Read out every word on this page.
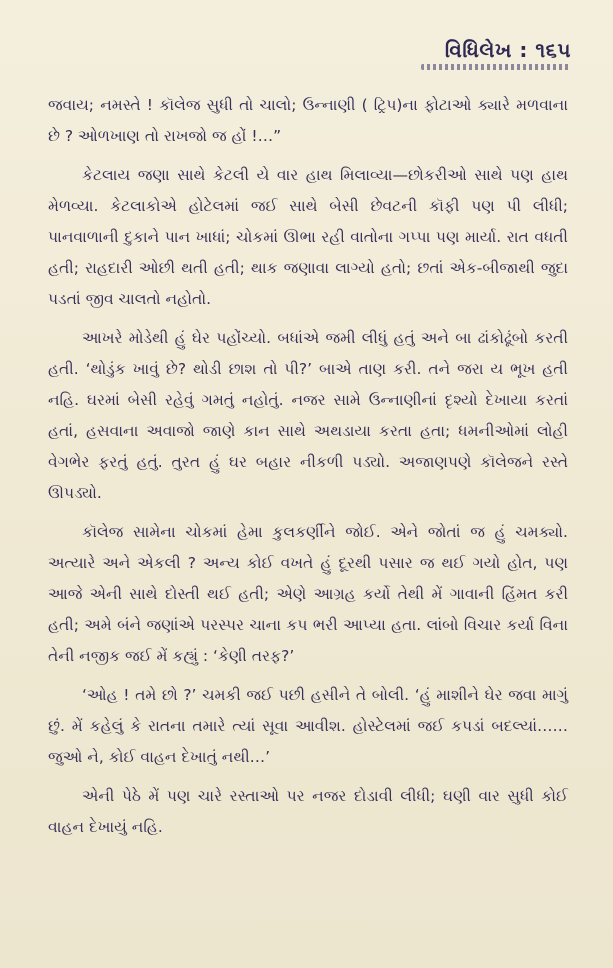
વિધિલેખ : ૧૬૫

જવાય; નમસ્તે ! કૉલેજ સુધી તો ચાલો; ઉન્નાણી ( ટ્રિપ)ના ફોટાઓ ક્યારે મળવાના છે ? ઓળખાણ તો રાખજો જ હોં !…”

કેટલાય જણા સાથે કેટલી યે વાર હાથ મિલાવ્યા—છોકરીઓ સાથે પણ હાથ મેળવ્યા. કેટલાકોએ હોટેલમાં જઈ સાથે બેસી છેવટની કૉફી પણ પી લીધી; પાનવાળાની દુકાને પાન ખાધાં; ચોકમાં ઊભા રહી વાતોના ગપ્પા પણ માર્યા. રાત વધતી હતી; રાહદારી ઓછી થતી હતી; થાક જણાવા લાગ્યો હતો; છતાં એક-બીજાથી જુદા પડતાં જીવ ચાલતો નહોતો.

આખરે મોડેથી હું ઘેર પહોંચ્યો. બધાંએ જમી લીધું હતું અને બા ઢાંકોઢૂંબો કરતી હતી. ‘થોડુંક ખાવું છે? થોડી છાશ તો પી?’ બાએ તાણ કરી. તને જરા ય ભૂખ હતી નહિ. ઘરમાં બેસી રહેવું ગમતું નહોતું. નજર સામે ઉન્નાણીનાં દૃશ્યો દેખાયા કરતાં હતાં, હસવાના અવાજો જાણે કાન સાથે અથડાયા કરતા હતા; ધમનીઓમાં લોહી વેગભેર ફરતું હતું. તુરત હું ઘર બહાર નીકળી પડ્યો. અજાણપણે કૉલેજને રસ્તે ઊપડ્યો.

કૉલેજ સામેના ચોકમાં હેમા કુલકર્ણીને જોઈ. એને જોતાં જ હું ચમક્યો. અત્યારે અને એકલી ? અન્ય કોઈ વખતે હું દૂરથી પસાર જ થઈ ગયો હોત, પણ આજે એની સાથે દોસ્તી થઈ હતી; એણે આગ્રહ કર્યો તેથી મેં ગાવાની હિંમત કરી હતી; અમે બંને જણાંએ પરસ્પર ચાના કપ ભરી આપ્યા હતા. લાંબો વિચાર કર્યા વિના તેની નજીક જઈ મેં કહ્યું : ‘કેણી તરફ?’

‘ઓહ ! તમે છો ?’ ચમકી જઈ પછી હસીને તે બોલી. ‘હું માશીને ઘેર જવા માગું છું. મેં કહેલું કે રાતના તમારે ત્યાં સૂવા આવીશ. હોસ્ટેલમાં જઈ કપડાં બદલ્યાં……જુઓ ને, કોઈ વાહન દેખાતું નથી…’

એની પેઠે મેં પણ ચારે રસ્તાઓ પર નજર દોડાવી લીધી; ઘણી વાર સુધી કોઈ વાહન દેખાયું નહિ.
